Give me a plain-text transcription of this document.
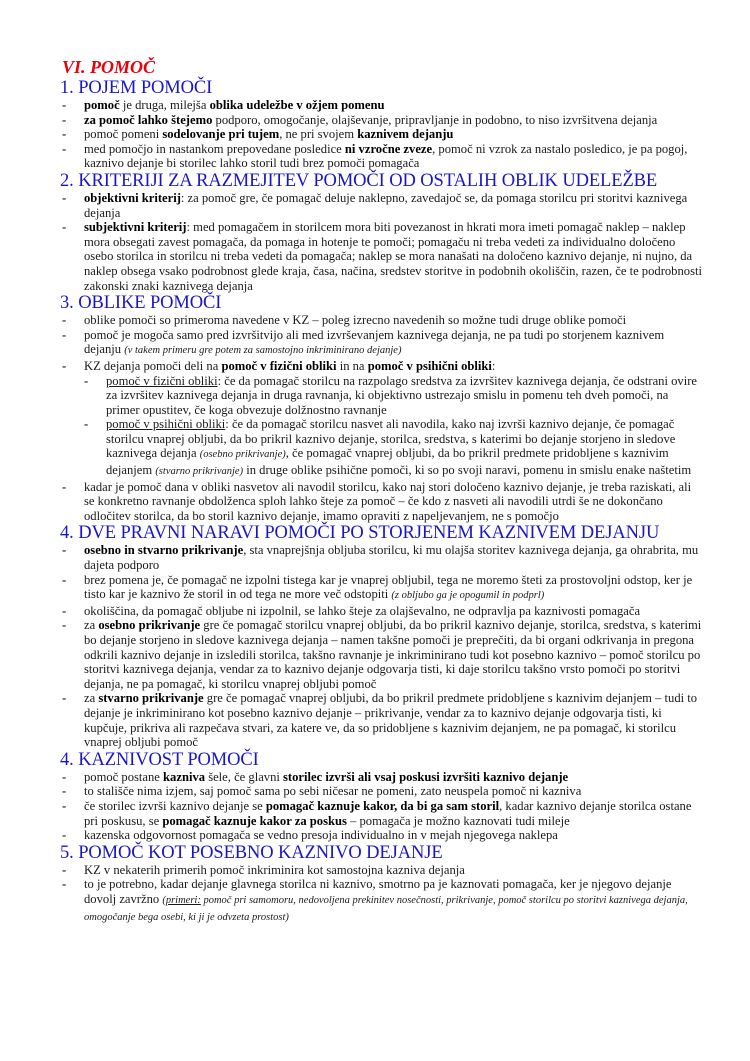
VI. POMOČ
1. POJEM POMOČI
- pomoč je druga, milejša oblika udeležbe v ožjem pomenu
- za pomoč lahko štejemo podporo, omogočanje, olajševanje, pripravljanje in podobno, to niso izvršitvena dejanja
- pomoč pomeni sodelovanje pri tujem, ne pri svojem kaznivem dejanju
- med pomočjo in nastankom prepovedane posledice ni vzročne zveze, pomoč ni vzrok za nastalo posledico, je pa pogoj, kaznivo dejanje bi storilec lahko storil tudi brez pomoči pomagača
2. KRITERIJI ZA RAZMEJITEV POMOČI OD OSTALIH OBLIK UDELEŽBE
- objektivni kriterij: za pomoč gre, če pomagač deluje naklepno, zavedajoč se, da pomaga storilcu pri storitvi kaznivega dejanja
- subjektivni kriterij: med pomagačem in storilcem mora biti povezanost in hkrati mora imeti pomagač naklep – naklep mora obsegati zavest pomagača, da pomaga in hotenje te pomoči; pomagaču ni treba vedeti za individualno določeno osebo storilca in storilcu ni treba vedeti da pomagača; naklep se mora nanašati na določeno kaznivo dejanje, ni nujno, da naklep obsega vsako podrobnost glede kraja, časa, načina, sredstev storitve in podobnih okoliščin, razen, če te podrobnosti zakonski znaki kaznivega dejanja
3. OBLIKE POMOČI
- oblike pomoči so primeroma navedene v KZ – poleg izrecno navedenih so možne tudi druge oblike pomoči
- pomoč je mogoča samo pred izvršitvijo ali med izvrševanjem kaznivega dejanja, ne pa tudi po storjenem kaznivem dejanju (v takem primeru gre potem za samostojno inkriminirano dejanje)
- KZ dejanja pomoči deli na pomoč v fizični obliki in na pomoč v psihični obliki:
- pomoč v fizični obliki: če da pomagač storilcu na razpolago sredstva za izvršitev kaznivega dejanja, če odstrani ovire za izvršitev kaznivega dejanja in druga ravnanja, ki objektivno ustrezajo smislu in pomenu teh dveh pomoči, na primer opustitev, če koga obvezuje dolžnostno ravnanje
- pomoč v psihični obliki: če da pomagač storilcu nasvet ali navodila, kako naj izvrši kaznivo dejanje, če pomagač storilcu vnaprej obljubi, da bo prikril kaznivo dejanje, storilca, sredstva, s katerimi bo dejanje storjeno in sledove kaznivega dejanja (osebno prikrivanje), če pomagač vnaprej obljubi, da bo prikril predmete pridobljene s kaznivim dejanjem (stvarno prikrivanje) in druge oblike psihične pomoči, ki so po svoji naravi, pomenu in smislu enake naštetim
- kadar je pomoč dana v obliki nasvetov ali navodil storilcu, kako naj stori določeno kaznivo dejanje, je treba raziskati, ali se konkretno ravnanje obdolženca sploh lahko šteje za pomoč – če kdo z nasveti ali navodili utrdi še ne dokončano odločitev storilca, da bo storil kaznivo dejanje, imamo opraviti z napeljevanjem, ne s pomočjo
4. DVE PRAVNI NARAVI POMOČI PO STORJENEM KAZNIVEM DEJANJU
- osebno in stvarno prikrivanje, sta vnaprejšnja obljuba storilcu, ki mu olajša storitev kaznivega dejanja, ga ohrabrita, mu dajeta podporo
- brez pomena je, če pomagač ne izpolni tistega kar je vnaprej obljubil, tega ne moremo šteti za prostovoljni odstop, ker je tisto kar je kaznivo že storil in od tega ne more več odstopiti (z obljubo ga je opogumil in podprl)
- okoliščina, da pomagač obljube ni izpolnil, se lahko šteje za olajševalno, ne odpravlja pa kaznivosti pomagača
- za osebno prikrivanje gre če pomagač storilcu vnaprej obljubi, da bo prikril kaznivo dejanje, storilca, sredstva, s katerimi bo dejanje storjeno in sledove kaznivega dejanja – namen takšne pomoči je preprečiti, da bi organi odkrivanja in pregona odkrili kaznivo dejanje in izsledili storilca, takšno ravnanje je inkriminirano tudi kot posebno kaznivo – pomoč storilcu po storitvi kaznivega dejanja, vendar za to kaznivo dejanje odgovarja tisti, ki daje storilcu takšno vrsto pomoči po storitvi dejanja, ne pa pomagač, ki storilcu vnaprej obljubi pomoč
- za stvarno prikrivanje gre če pomagač vnaprej obljubi, da bo prikril predmete pridobljene s kaznivim dejanjem – tudi to dejanje je inkriminirano kot posebno kaznivo dejanje – prikrivanje, vendar za to kaznivo dejanje odgovarja tisti, ki kupčuje, prikriva ali razpečava stvari, za katere ve, da so pridobljene s kaznivim dejanjem, ne pa pomagač, ki storilcu vnaprej obljubi pomoč
4. KAZNIVOST POMOČI
- pomoč postane kazniva šele, če glavni storilec izvrši ali vsaj poskusi izvršiti kaznivo dejanje
- to stališče nima izjem, saj pomoč sama po sebi ničesar ne pomeni, zato neuspela pomoč ni kazniva
- če storilec izvrši kaznivo dejanje se pomagač kaznuje kakor, da bi ga sam storil, kadar kaznivo dejanje storilca ostane pri poskusu, se pomagač kaznuje kakor za poskus – pomagača je možno kaznovati tudi mileje
- kazenska odgovornost pomagača se vedno presoja individualno in v mejah njegovega naklepa
5. POMOČ KOT POSEBNO KAZNIVO DEJANJE
- KZ v nekaterih primerih pomoč inkriminira kot samostojna kazniva dejanja
- to je potrebno, kadar dejanje glavnega storilca ni kaznivo, smotrno pa je kaznovati pomagača, ker je njegovo dejanje dovolj zavržno (primeri: pomoč pri samomoru, nedovoljena prekinitev nosečnosti, prikrivanje, pomoč storilcu po storitvi kaznivega dejanja, omogočanje bega osebi, ki ji je odvzeta prostost)
